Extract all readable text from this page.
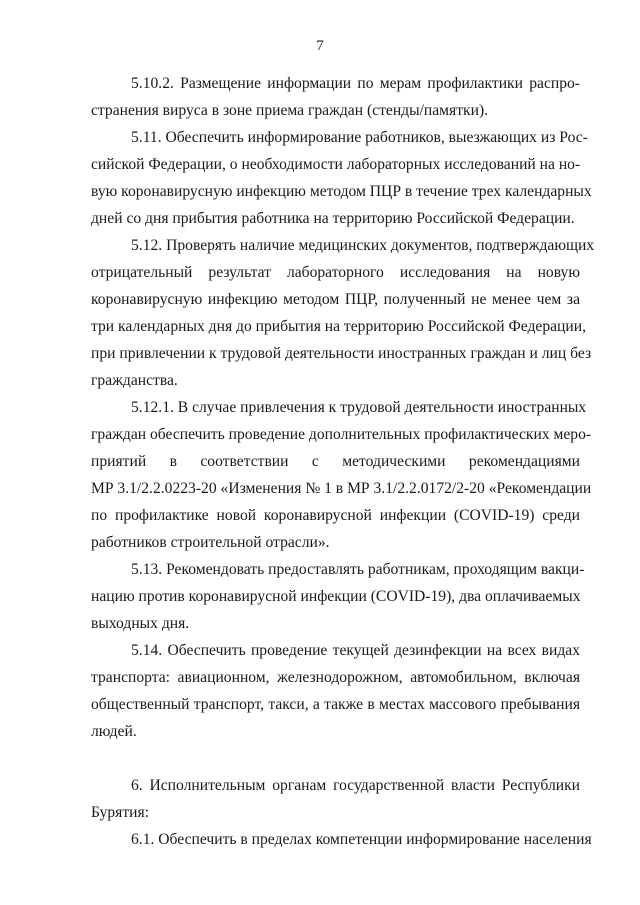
7
5.10.2. Размещение информации по мерам профилактики распро-
странения вируса в зоне приема граждан (стенды/памятки).
5.11. Обеспечить информирование работников, выезжающих из Рос-
сийской Федерации, о необходимости лабораторных исследований на но-
вую коронавирусную инфекцию методом ПЦР в течение трех календарных
дней со дня прибытия работника на территорию Российской Федерации.
5.12. Проверять наличие медицинских документов, подтверждающих
отрицательный результат лабораторного исследования на новую
коронавирусную инфекцию методом ПЦР, полученный не менее чем за
три календарных дня до прибытия на территорию Российской Федерации,
при привлечении к трудовой деятельности иностранных граждан и лиц без
гражданства.
5.12.1. В случае привлечения к трудовой деятельности иностранных
граждан обеспечить проведение дополнительных профилактических меро-
приятий в соответствии с методическими рекомендациями
МР 3.1/2.2.0223-20 «Изменения № 1 в МР 3.1/2.2.0172/2-20 «Рекомендации
по профилактике новой коронавирусной инфекции (COVID-19) среди
работников строительной отрасли».
5.13. Рекомендовать предоставлять работникам, проходящим вакци-
нацию против коронавирусной инфекции (COVID-19), два оплачиваемых
выходных дня.
5.14. Обеспечить проведение текущей дезинфекции на всех видах
транспорта: авиационном, железнодорожном, автомобильном, включая
общественный транспорт, такси, а также в местах массового пребывания
людей.
6. Исполнительным органам государственной власти Республики
Бурятия:
6.1. Обеспечить в пределах компетенции информирование населения
